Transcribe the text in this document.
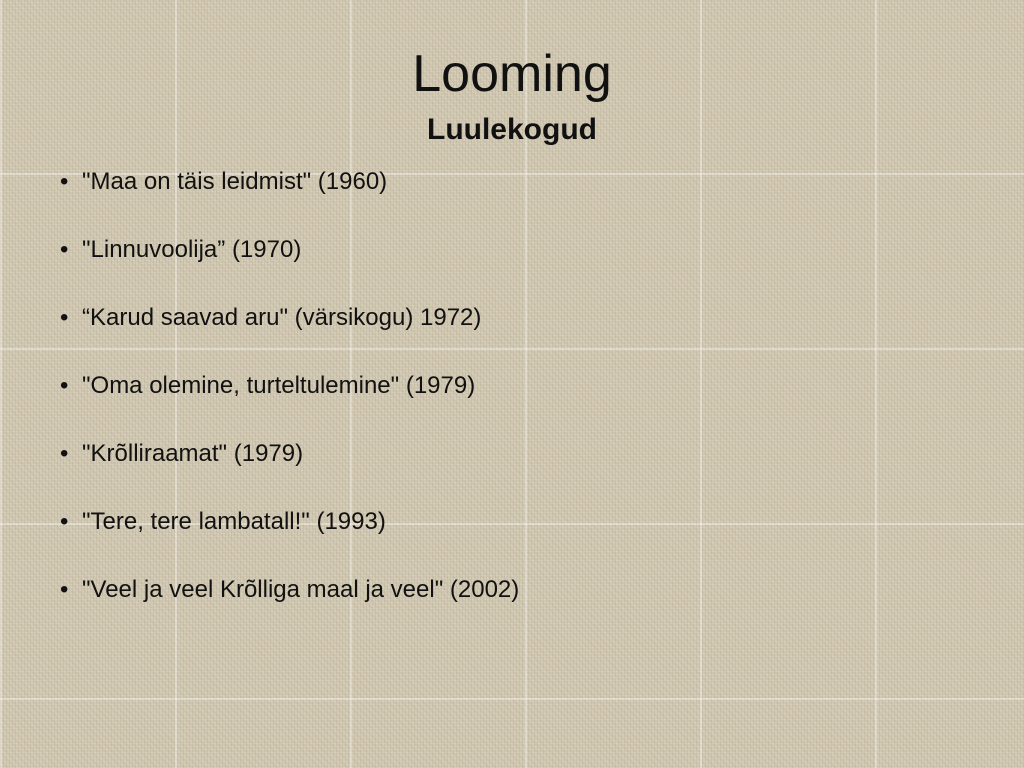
Looming
Luulekogud
• "Maa on täis leidmist" (1960)
• "Linnuvoolija” (1970)
• “Karud saavad aru" (värsikogu) 1972)
• "Oma olemine, turteltulemine" (1979)
• "Krõlliraamat" (1979)
• "Tere, tere lambatall!" (1993)
• "Veel ja veel Krõlliga maal ja veel" (2002)
